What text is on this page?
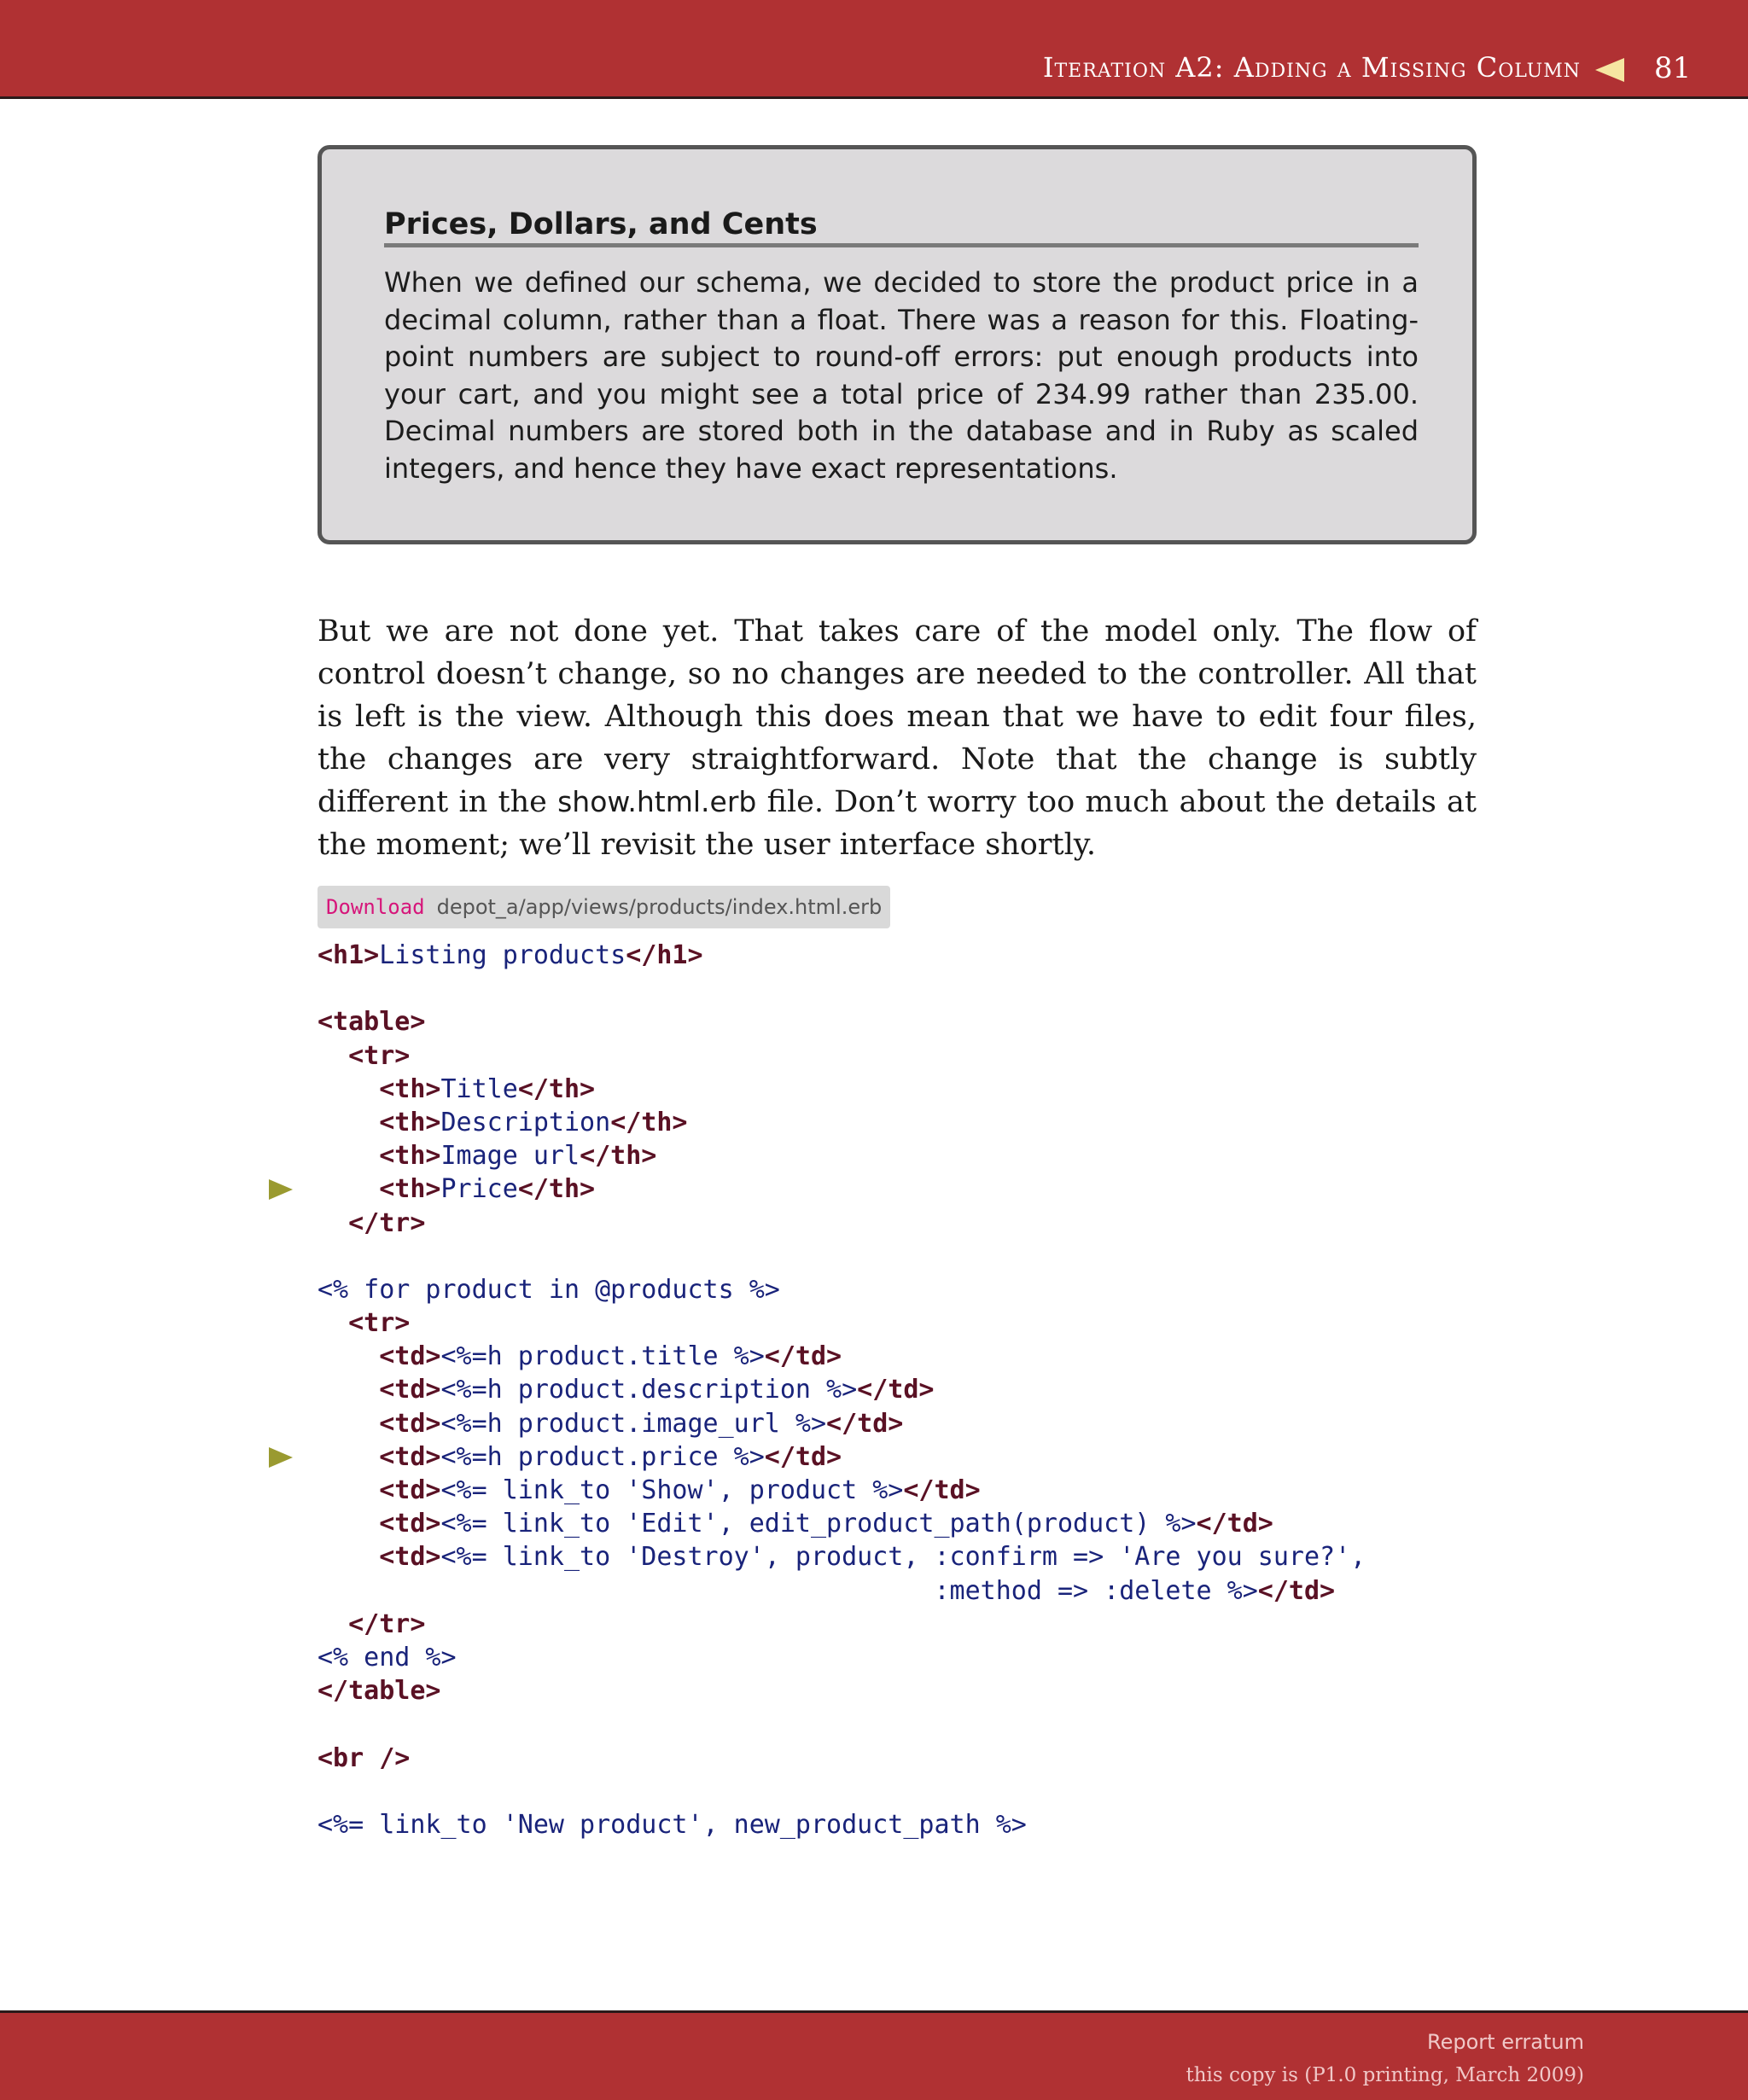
Iteration A2: Adding a Missing Column	81
Prices, Dollars, and Cents

When we defined our schema, we decided to store the product price in a decimal column, rather than a float. There was a reason for this. Floating-point numbers are subject to round-off errors: put enough products into your cart, and you might see a total price of 234.99 rather than 235.00. Decimal numbers are stored both in the database and in Ruby as scaled integers, and hence they have exact representations.

But we are not done yet. That takes care of the model only. The flow of control doesn’t change, so no changes are needed to the controller. All that is left is the view. Although this does mean that we have to edit four files, the changes are very straightforward. Note that the change is subtly different in the show.html.erb file. Don’t worry too much about the details at the moment; we’ll revisit the user interface shortly.

Download depot_a/app/views/products/index.html.erb
<h1>Listing products</h1>
<table>
<tr>
<th>Title</th>
<th>Description</th>
<th>Image url</th>
<th>Price</th>
</tr>
<% for product in @products %>
<tr>
<td><%=h product.title %></td>
<td><%=h product.description %></td>
<td><%=h product.image_url %></td>
<td><%=h product.price %></td>
<td><%= link_to 'Show', product %></td>
<td><%= link_to 'Edit', edit_product_path(product) %></td>
<td><%= link_to 'Destroy', product, :confirm => 'Are you sure?',
:method => :delete %></td>
</tr>
<% end %>
</table>
<br />
<%= link_to 'New product', new_product_path %>
Report erratum
this copy is (P1.0 printing, March 2009)
